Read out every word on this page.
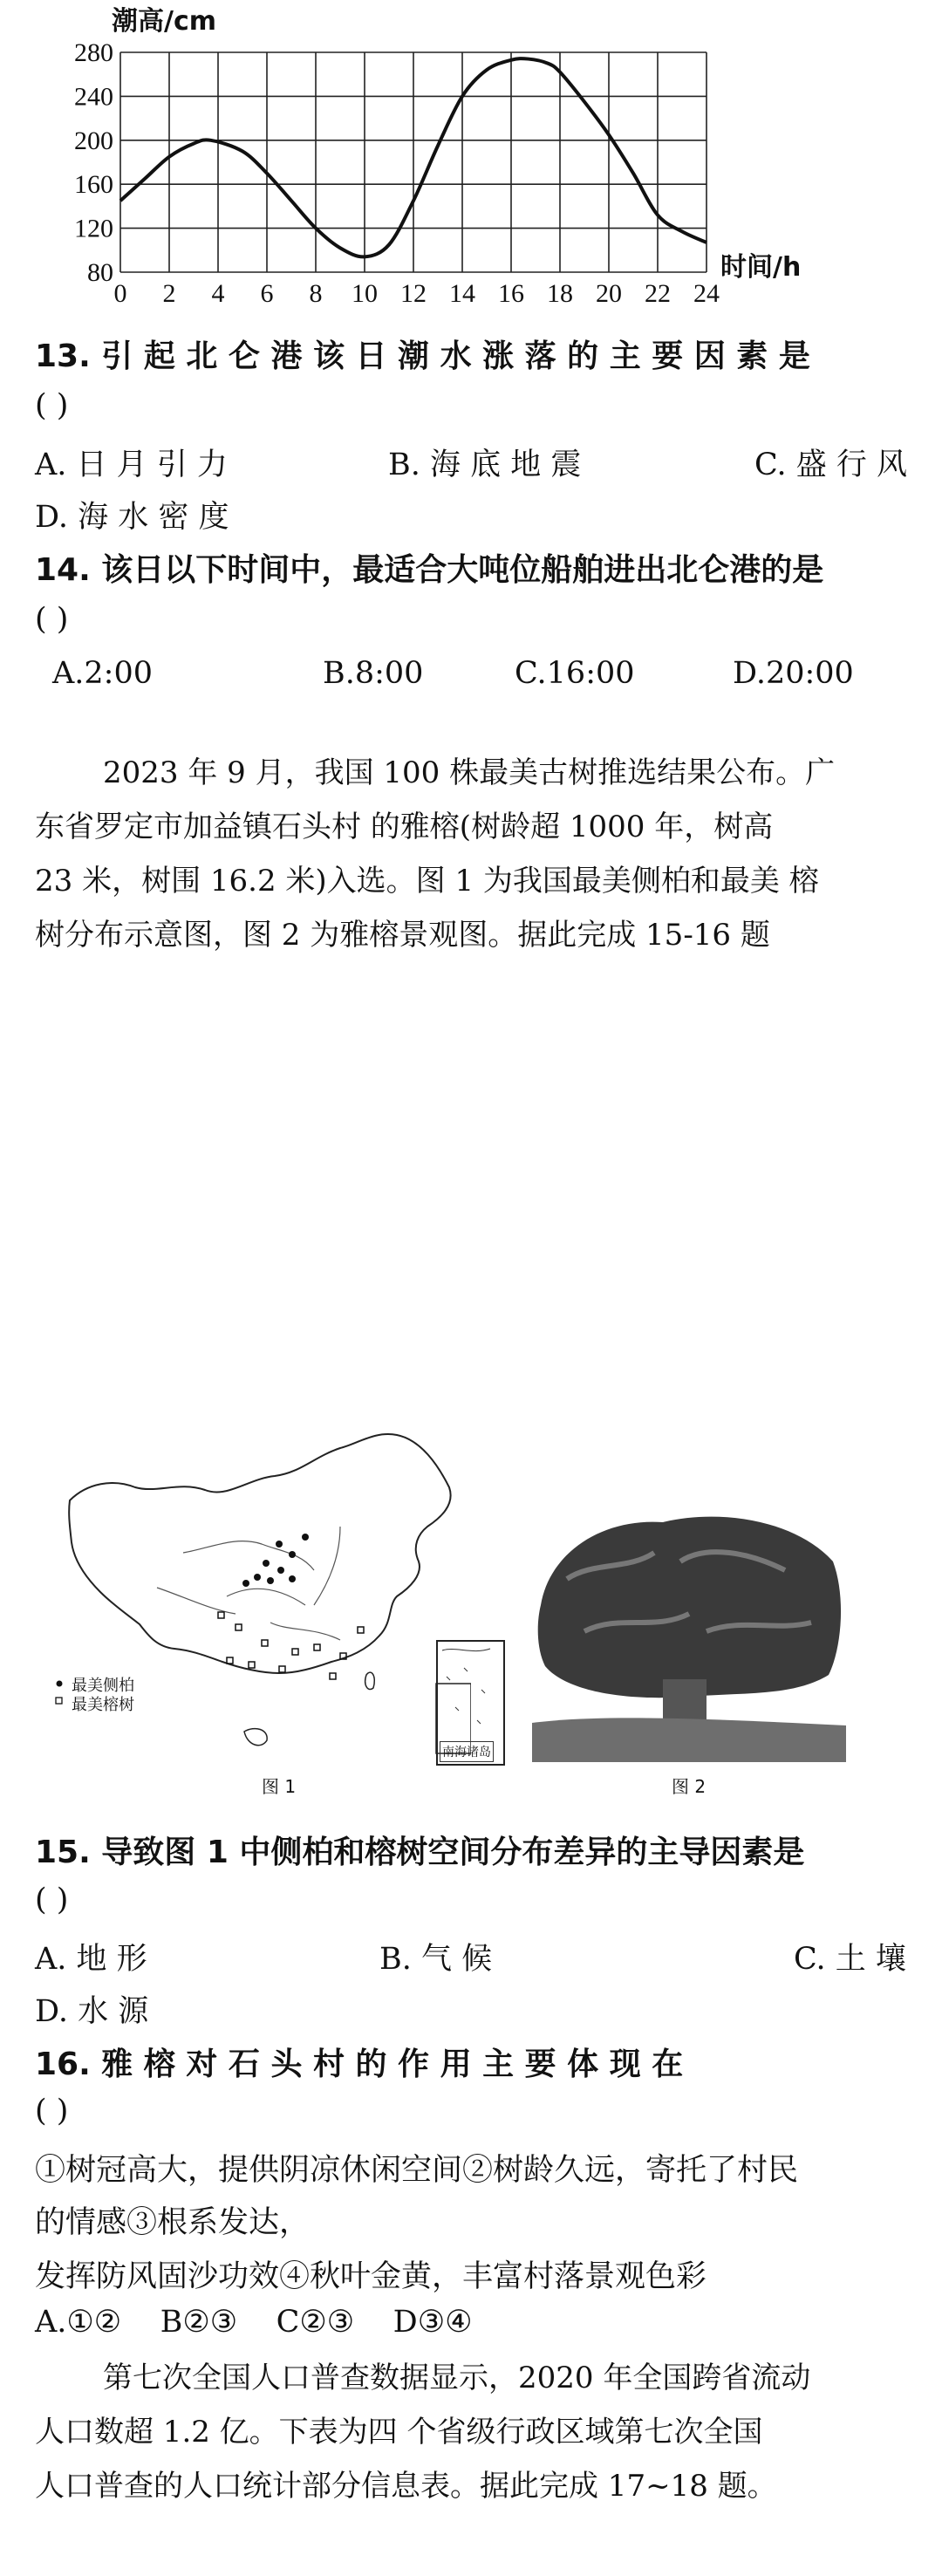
0 2 4 6 8 10 12 14 16 18 20 22 24
80
120
160
200
240
280
潮高/cm
时间/h
13. 引 起 北 仑 港 该 日 潮 水 涨 落 的 主 要 因 素 是
( )
A. 日 月 引 力	B. 海 底 地 震	C. 盛 行 风
D. 海 水 密 度
14. 该日以下时间中，最适合大吨位船舶进出北仑港的是
( )
A.2:00	B.8:00	C.16:00	D.20:00
2023 年 9 月，我国 100 株最美古树推选结果公布。广
东省罗定市加益镇石头村 的雅榕(树龄超 1000 年，树高
23 米，树围 16.2 米)入选。图 1 为我国最美侧柏和最美 榕
树分布示意图，图 2 为雅榕景观图。据此完成 15-16 题
最美侧柏
最美榕树
南海诸岛
图 1	图 2
15. 导致图 1 中侧柏和榕树空间分布差异的主导因素是
( )
A. 地 形	B. 气 候	C. 土 壤
D. 水 源
16. 雅 榕 对 石 头 村 的 作 用 主 要 体 现 在
( )
①树冠高大，提供阴凉休闲空间②树龄久远，寄托了村民
的情感③根系发达，
发挥防风固沙功效④秋叶金黄，丰富村落景观色彩
A.①②    B②③    C②③    D③④
第七次全国人口普查数据显示，2020 年全国跨省流动
人口数超 1.2 亿。下表为四 个省级行政区域第七次全国
人口普查的人口统计部分信息表。据此完成 17~18 题。
